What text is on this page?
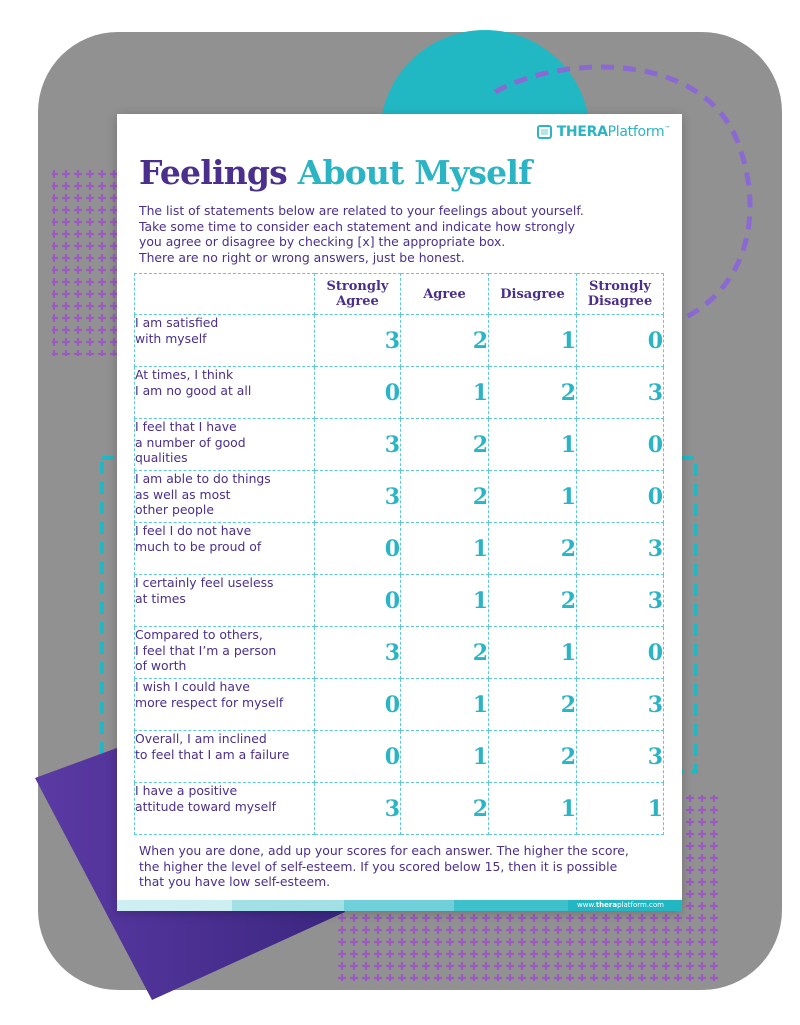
THERAPlatform™
Feelings About Myself

The list of statements below are related to your feelings about yourself.
Take some time to consider each statement and indicate how strongly
you agree or disagree by checking [x] the appropriate box.
There are no right or wrong answers, just be honest.

	Strongly
Agree	Agree	Disagree	Strongly
Disagree

I am satisfied
with myself	3	2	1	0

At times, I think
I am no good at all	0	1	2	3

I feel that I have
a number of good
qualities	3	2	1	0

I am able to do things
as well as most
other people	3	2	1	0

I feel I do not have
much to be proud of	0	1	2	3

I certainly feel useless
at times	0	1	2	3

Compared to others,
I feel that I’m a person
of worth	3	2	1	0

I wish I could have
more respect for myself	0	1	2	3

Overall, I am inclined
to feel that I am a failure	0	1	2	3

I have a positive
attitude toward myself	3	2	1	1

When you are done, add up your scores for each answer. The higher the score,
the higher the level of self-esteem. If you scored below 15, then it is possible
that you have low self-esteem.

www.theraplatform.com
